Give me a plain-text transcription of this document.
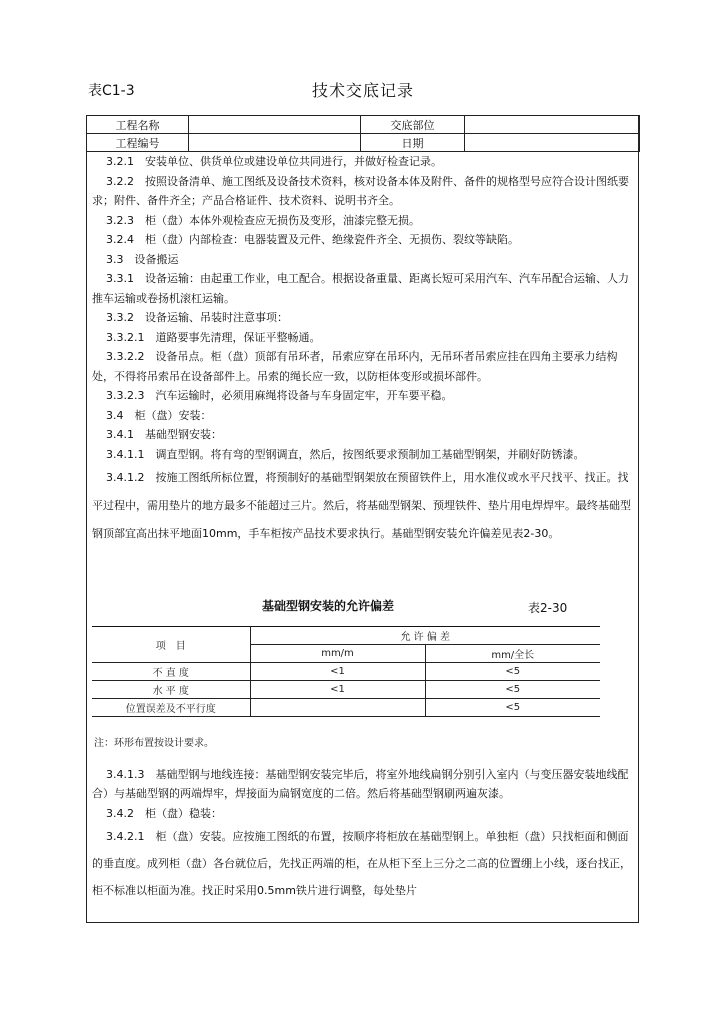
表C1-3	技术交底记录
工程名称		交底部位	
工程编号		日期	

3.2.1　安装单位、供货单位或建设单位共同进行，并做好检查记录。

3.2.2　按照设备清单、施工图纸及设备技术资料，核对设备本体及附件、备件的规格型号应符合设计图纸要求；附件、备件齐全；产品合格证件、技术资料、说明书齐全。

3.2.3　柜（盘）本体外观检查应无损伤及变形，油漆完整无损。

3.2.4　柜（盘）内部检查：电器装置及元件、绝缘瓷件齐全、无损伤、裂纹等缺陷。

3.3　设备搬运

3.3.1　设备运输：由起重工作业，电工配合。根据设备重量、距离长短可采用汽车、汽车吊配合运输、人力推车运输或卷扬机滚杠运输。

3.3.2　设备运输、吊装时注意事项：

3.3.2.1　道路要事先清理，保证平整畅通。

3.3.2.2　设备吊点。柜（盘）顶部有吊环者，吊索应穿在吊环内，无吊环者吊索应挂在四角主要承力结构处，不得将吊索吊在设备部件上。吊索的绳长应一致，以防柜体变形或损坏部件。

3.3.2.3　汽车运输时，必须用麻绳将设备与车身固定牢，开车要平稳。

3.4　柜（盘）安装：

3.4.1　基础型钢安装：

3.4.1.1　调直型钢。将有弯的型钢调直，然后，按图纸要求预制加工基础型钢架，并刷好防锈漆。

3.4.1.2　按施工图纸所标位置，将预制好的基础型钢架放在预留铁件上，用水准仪或水平尺找平、找正。找平过程中，需用垫片的地方最多不能超过三片。然后，将基础型钢架、预埋铁件、垫片用电焊焊牢。最终基础型钢顶部宜高出抹平地面10mm，手车柜按产品技术要求执行。基础型钢安装允许偏差见表2-30。

基础型钢安装的允许偏差	表2-30
项　目	允 许 偏 差	
	mm/m	mm/全长
不 直 度	<1	<5
水 平 度	<1	<5
位置误差及不平行度		<5
注：环形布置按设计要求。

3.4.1.3　基础型钢与地线连接：基础型钢安装完毕后，将室外地线扁钢分别引入室内（与变压器安装地线配合）与基础型钢的两端焊牢，焊接面为扁钢宽度的二倍。然后将基础型钢刷两遍灰漆。

3.4.2　柜（盘）稳装：

3.4.2.1　柜（盘）安装。应按施工图纸的布置，按顺序将柜放在基础型钢上。单独柜（盘）只找柜面和侧面的垂直度。成列柜（盘）各台就位后，先找正两端的柜，在从柜下至上三分之二高的位置绷上小线，逐台找正，柜不标准以柜面为准。找正时采用0.5mm铁片进行调整，每处垫片
